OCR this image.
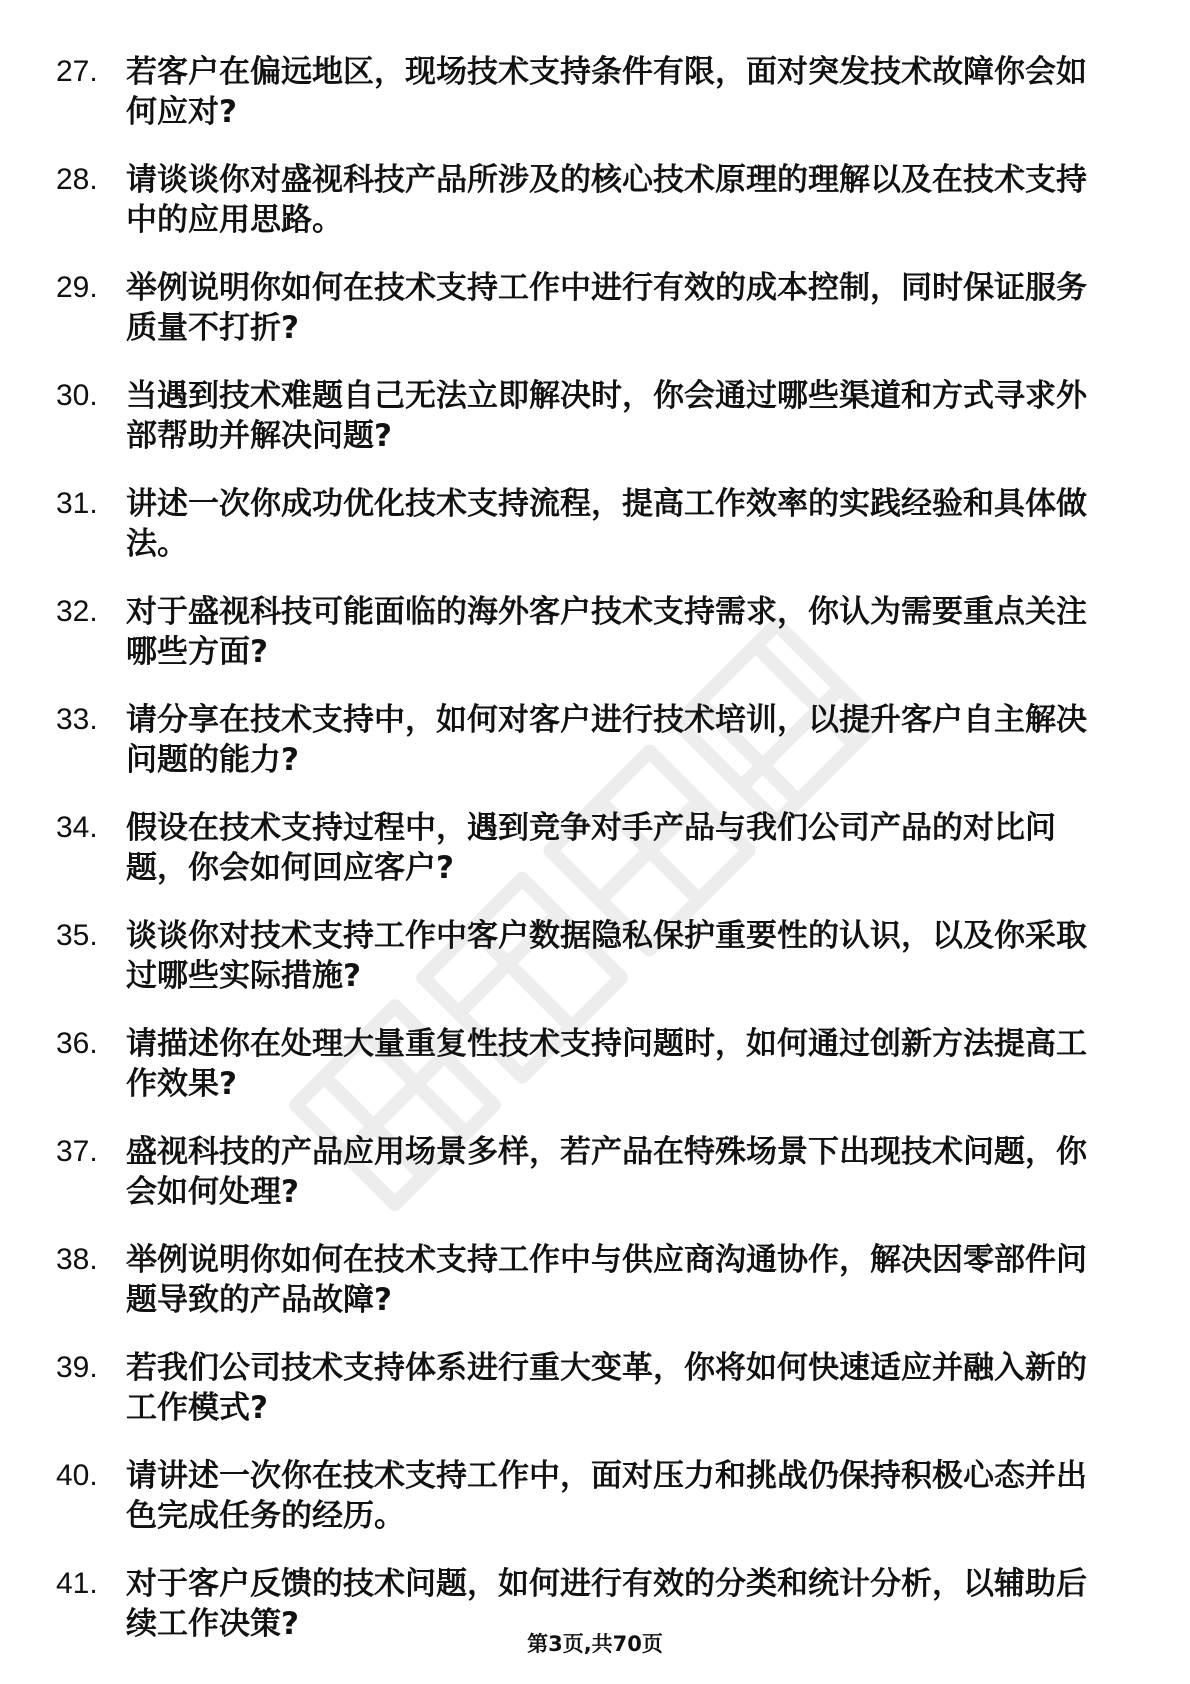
27. 若客户在偏远地区，现场技术支持条件有限，面对突发技术故障你会如何应对?
28. 请谈谈你对盛视科技产品所涉及的核心技术原理的理解以及在技术支持中的应用思路。
29. 举例说明你如何在技术支持工作中进行有效的成本控制，同时保证服务质量不打折?
30. 当遇到技术难题自己无法立即解决时，你会通过哪些渠道和方式寻求外部帮助并解决问题?
31. 讲述一次你成功优化技术支持流程，提高工作效率的实践经验和具体做法。
32. 对于盛视科技可能面临的海外客户技术支持需求，你认为需要重点关注哪些方面?
33. 请分享在技术支持中，如何对客户进行技术培训，以提升客户自主解决问题的能力?
34. 假设在技术支持过程中，遇到竞争对手产品与我们公司产品的对比问题，你会如何回应客户?
35. 谈谈你对技术支持工作中客户数据隐私保护重要性的认识，以及你采取过哪些实际措施?
36. 请描述你在处理大量重复性技术支持问题时，如何通过创新方法提高工作效果?
37. 盛视科技的产品应用场景多样，若产品在特殊场景下出现技术问题，你会如何处理?
38. 举例说明你如何在技术支持工作中与供应商沟通协作，解决因零部件问题导致的产品故障?
39. 若我们公司技术支持体系进行重大变革，你将如何快速适应并融入新的工作模式?
40. 请讲述一次你在技术支持工作中，面对压力和挑战仍保持积极心态并出色完成任务的经历。
41. 对于客户反馈的技术问题，如何进行有效的分类和统计分析，以辅助后续工作决策?
第3页,共70页
